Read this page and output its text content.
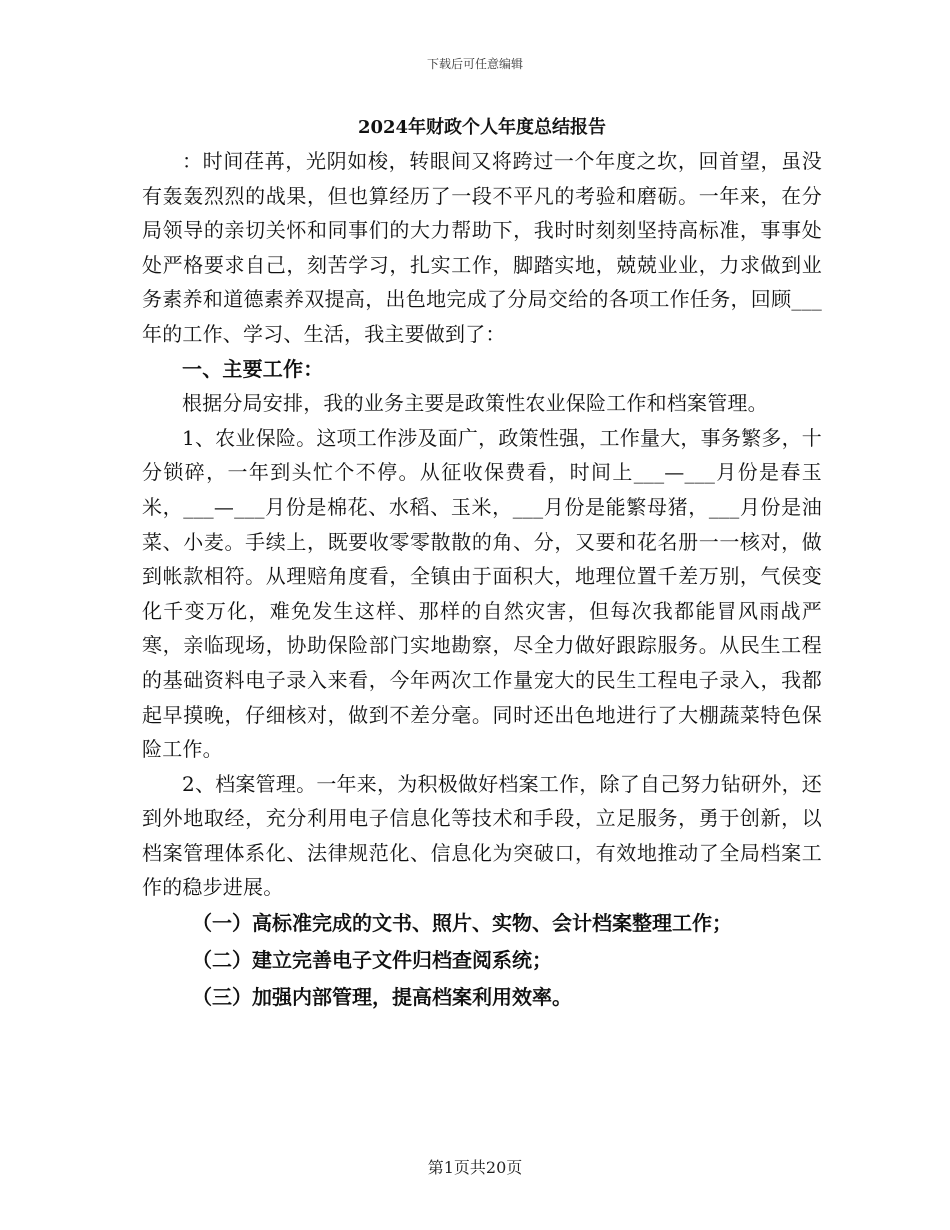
下载后可任意编辑
2024年财政个人年度总结报告

：时间荏苒，光阴如梭，转眼间又将跨过一个年度之坎，回首望，虽没有轰轰烈烈的战果，但也算经历了一段不平凡的考验和磨砺。一年来，在分局领导的亲切关怀和同事们的大力帮助下，我时时刻刻坚持高标准，事事处处严格要求自己，刻苦学习，扎实工作，脚踏实地，兢兢业业，力求做到业务素养和道德素养双提高，出色地完成了分局交给的各项工作任务，回顾___年的工作、学习、生活，我主要做到了：

一、主要工作：

根据分局安排，我的业务主要是政策性农业保险工作和档案管理。

1、农业保险。这项工作涉及面广，政策性强，工作量大，事务繁多，十分锁碎，一年到头忙个不停。从征收保费看，时间上___—___月份是春玉米，___—___月份是棉花、水稻、玉米，___月份是能繁母猪，___月份是油菜、小麦。手续上，既要收零零散散的角、分，又要和花名册一一核对，做到帐款相符。从理赔角度看，全镇由于面积大，地理位置千差万别，气侯变化千变万化，难免发生这样、那样的自然灾害，但每次我都能冒风雨战严寒，亲临现场，协助保险部门实地勘察，尽全力做好跟踪服务。从民生工程的基础资料电子录入来看，今年两次工作量宠大的民生工程电子录入，我都起早摸晚，仔细核对，做到不差分毫。同时还出色地进行了大棚蔬菜特色保险工作。

2、档案管理。一年来，为积极做好档案工作，除了自己努力钻研外，还到外地取经，充分利用电子信息化等技术和手段，立足服务，勇于创新，以档案管理体系化、法律规范化、信息化为突破口，有效地推动了全局档案工作的稳步进展。

（一）高标准完成的文书、照片、实物、会计档案整理工作；

（二）建立完善电子文件归档查阅系统；

（三）加强内部管理，提高档案利用效率。

第1页共20页
